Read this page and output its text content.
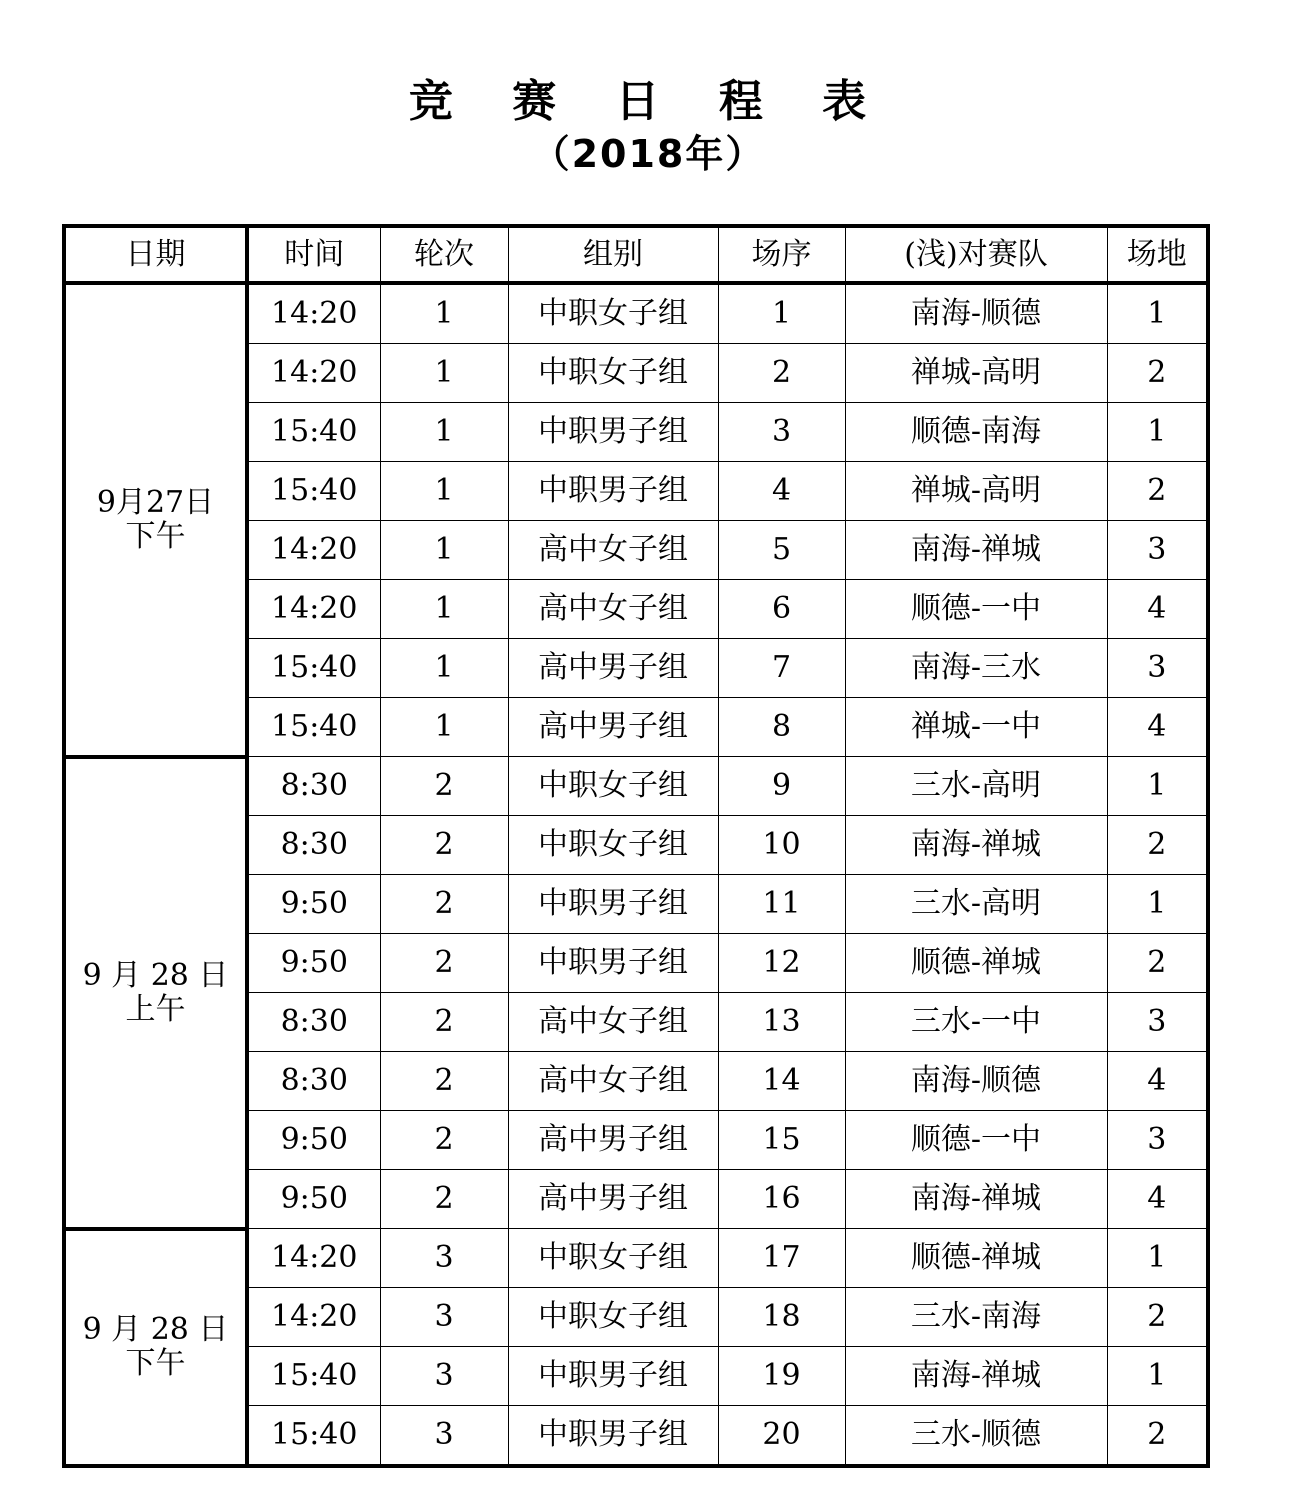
竞 赛 日 程 表
（2018年）
日期	时间	轮次	组别	场序	(浅)对赛队	场地

9月27日
下午	14:20	1	中职女子组	1	南海-顺德	1
	14:20	1	中职女子组	2	禅城-高明	2
	15:40	1	中职男子组	3	顺德-南海	1
	15:40	1	中职男子组	4	禅城-高明	2
	14:20	1	高中女子组	5	南海-禅城	3
	14:20	1	高中女子组	6	顺德-一中	4
	15:40	1	高中男子组	7	南海-三水	3
	15:40	1	高中男子组	8	禅城-一中	4

9 月 28 日
上午	8:30	2	中职女子组	9	三水-高明	1
	8:30	2	中职女子组	10	南海-禅城	2
	9:50	2	中职男子组	11	三水-高明	1
	9:50	2	中职男子组	12	顺德-禅城	2
	8:30	2	高中女子组	13	三水-一中	3
	8:30	2	高中女子组	14	南海-顺德	4
	9:50	2	高中男子组	15	顺德-一中	3
	9:50	2	高中男子组	16	南海-禅城	4

9 月 28 日
下午	14:20	3	中职女子组	17	顺德-禅城	1
	14:20	3	中职女子组	18	三水-南海	2
	15:40	3	中职男子组	19	南海-禅城	1
	15:40	3	中职男子组	20	三水-顺德	2
